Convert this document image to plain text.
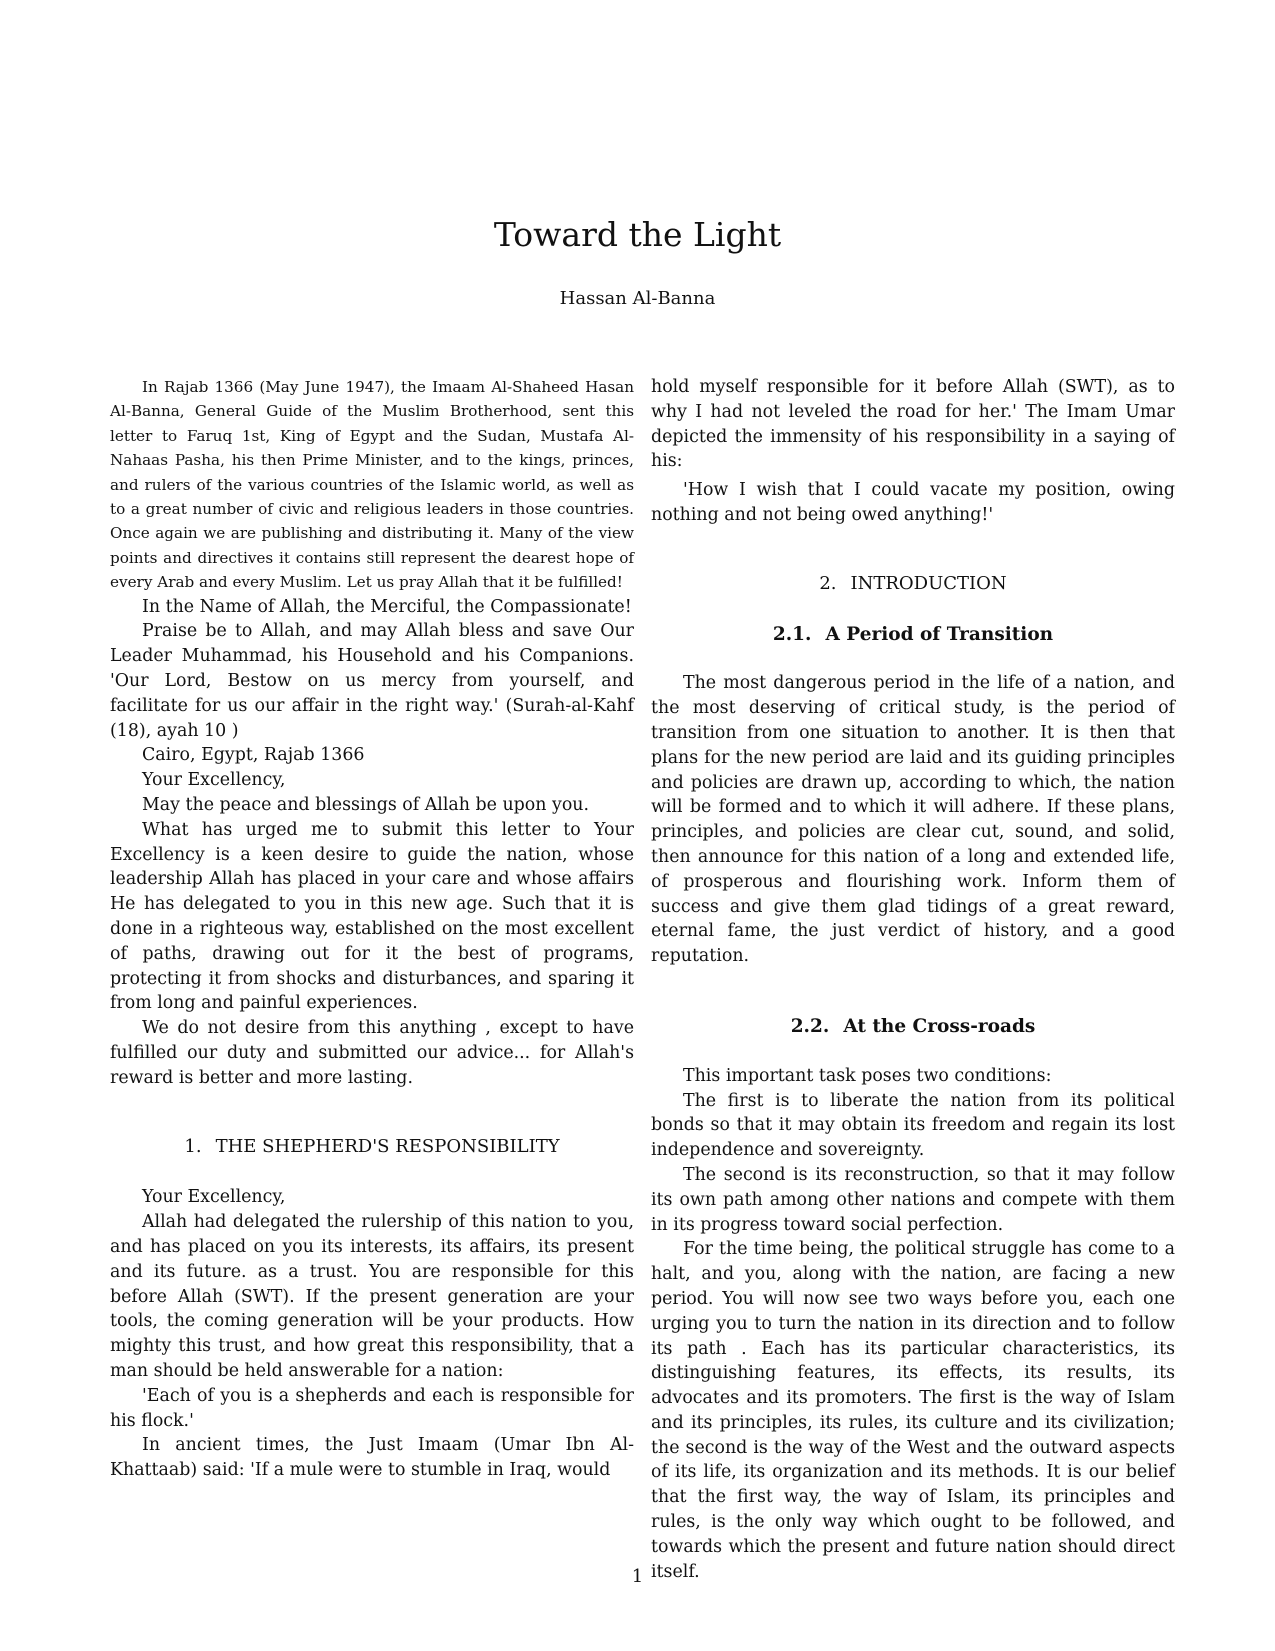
Toward the Light
Hassan Al-Banna

In Rajab 1366 (May June 1947), the Imaam Al-Shaheed Hasan Al-Banna, General Guide of the Muslim Brotherhood, sent this letter to Faruq 1st, King of Egypt and the Sudan, Mustafa Al-Nahaas Pasha, his then Prime Minister, and to the kings, princes, and rulers of the various countries of the Islamic world, as well as to a great number of civic and religious leaders in those countries. Once again we are publishing and distributing it. Many of the view points and directives it contains still represent the dearest hope of every Arab and every Muslim. Let us pray Allah that it be fulfilled!

In the Name of Allah, the Merciful, the Compassionate!

Praise be to Allah, and may Allah bless and save Our Leader Muhammad, his Household and his Companions. 'Our Lord, Bestow on us mercy from yourself, and facilitate for us our affair in the right way.' (Surah-al-Kahf (18), ayah 10 )

Cairo, Egypt, Rajab 1366

Your Excellency,

May the peace and blessings of Allah be upon you.

What has urged me to submit this letter to Your Excellency is a keen desire to guide the nation, whose leadership Allah has placed in your care and whose affairs He has delegated to you in this new age. Such that it is done in a righteous way, established on the most excellent of paths, drawing out for it the best of programs, protecting it from shocks and disturbances, and sparing it from long and painful experiences.

We do not desire from this anything , except to have fulfilled our duty and submitted our advice... for Allah's reward is better and more lasting.

1. THE SHEPHERD'S RESPONSIBILITY

Your Excellency,

Allah had delegated the rulership of this nation to you, and has placed on you its interests, its affairs, its present and its future. as a trust. You are responsible for this before Allah (SWT). If the present generation are your tools, the coming generation will be your products. How mighty this trust, and how great this responsibility, that a man should be held answerable for a nation:

'Each of you is a shepherds and each is responsible for his flock.'

In ancient times, the Just Imaam (Umar Ibn Al-Khattaab) said: 'If a mule were to stumble in Iraq, would

hold myself responsible for it before Allah (SWT), as to why I had not leveled the road for her.' The Imam Umar depicted the immensity of his responsibility in a saying of his:

'How I wish that I could vacate my position, owing nothing and not being owed anything!'

2. INTRODUCTION
2.1. A Period of Transition

The most dangerous period in the life of a nation, and the most deserving of critical study, is the period of transition from one situation to another. It is then that plans for the new period are laid and its guiding principles and policies are drawn up, according to which, the nation will be formed and to which it will adhere. If these plans, principles, and policies are clear cut, sound, and solid, then announce for this nation of a long and extended life, of prosperous and flourishing work. Inform them of success and give them glad tidings of a great reward, eternal fame, the just verdict of history, and a good reputation.

2.2. At the Cross-roads

This important task poses two conditions:

The first is to liberate the nation from its political bonds so that it may obtain its freedom and regain its lost independence and sovereignty.

The second is its reconstruction, so that it may follow its own path among other nations and compete with them in its progress toward social perfection.

For the time being, the political struggle has come to a halt, and you, along with the nation, are facing a new period. You will now see two ways before you, each one urging you to turn the nation in its direction and to follow its path . Each has its particular characteristics, its distinguishing features, its effects, its results, its advocates and its promoters. The first is the way of Islam and its principles, its rules, its culture and its civilization; the second is the way of the West and the outward aspects of its life, its organization and its methods. It is our belief that the first way, the way of Islam, its principles and rules, is the only way which ought to be followed, and towards which the present and future nation should direct itself.

1
